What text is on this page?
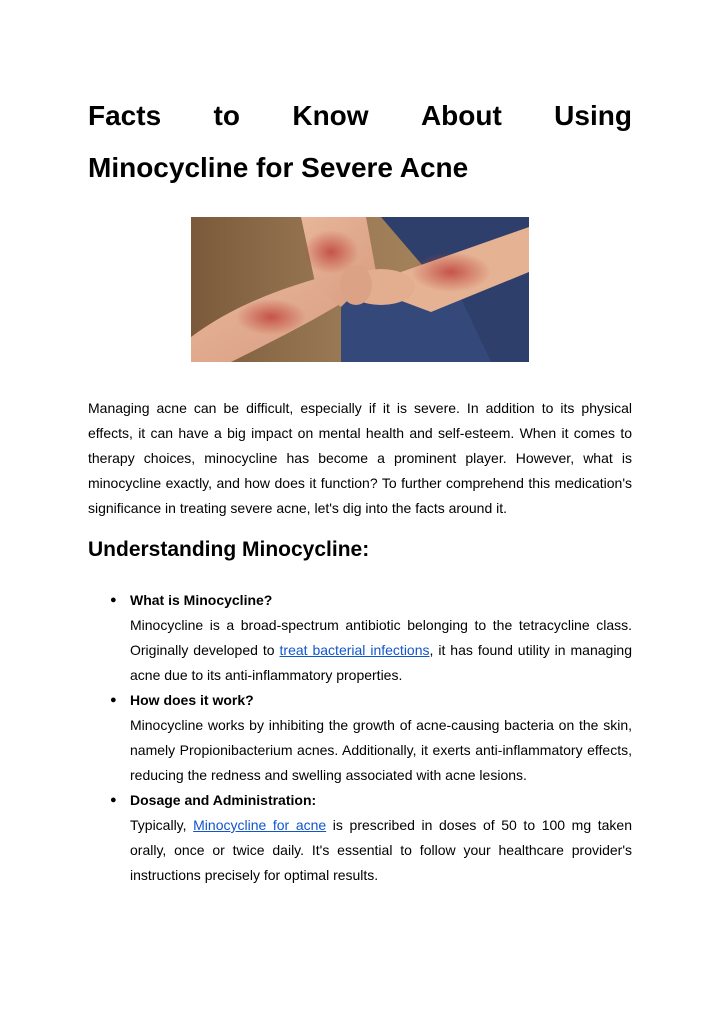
Facts to Know About Using
Minocycline for Severe Acne

Managing acne can be difficult, especially if it is severe. In addition to its physical effects, it can have a big impact on mental health and self-esteem. When it comes to therapy choices, minocycline has become a prominent player. However, what is minocycline exactly, and how does it function? To further comprehend this medication's significance in treating severe acne, let's dig into the facts around it.

Understanding Minocycline:
● What is Minocycline?
Minocycline is a broad-spectrum antibiotic belonging to the tetracycline class. Originally developed to treat bacterial infections, it has found utility in managing acne due to its anti-inflammatory properties.
● How does it work?
Minocycline works by inhibiting the growth of acne-causing bacteria on the skin, namely Propionibacterium acnes. Additionally, it exerts anti-inflammatory effects, reducing the redness and swelling associated with acne lesions.
● Dosage and Administration:
Typically, Minocycline for acne is prescribed in doses of 50 to 100 mg taken orally, once or twice daily. It's essential to follow your healthcare provider's instructions precisely for optimal results.
